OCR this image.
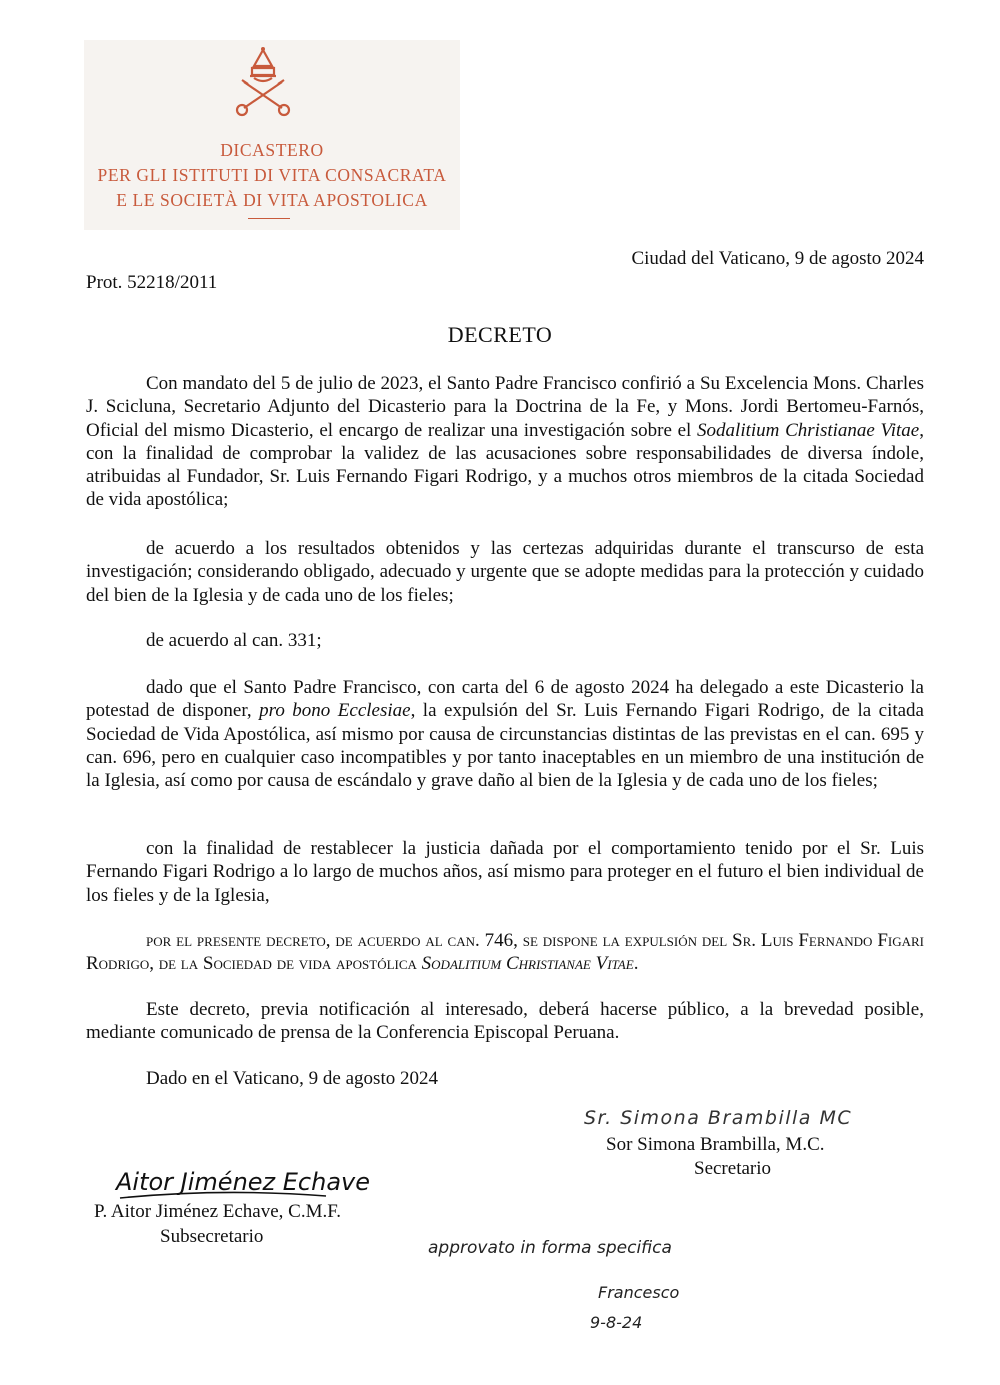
DICASTERO
PER GLI ISTITUTI DI VITA CONSACRATA
E LE SOCIETÀ DI VITA APOSTOLICA
Ciudad del Vaticano, 9 de agosto 2024
Prot. 52218/2011
DECRETO

Con mandato del 5 de julio de 2023, el Santo Padre Francisco confirió a Su Excelencia Mons. Charles J. Scicluna, Secretario Adjunto del Dicasterio para la Doctrina de la Fe, y Mons. Jordi Bertomeu-Farnós, Oficial del mismo Dicasterio, el encargo de realizar una investigación sobre el Sodalitium Christianae Vitae, con la finalidad de comprobar la validez de las acusaciones sobre responsabilidades de diversa índole, atribuidas al Fundador, Sr. Luis Fernando Figari Rodrigo, y a muchos otros miembros de la citada Sociedad de vida apostólica;

de acuerdo a los resultados obtenidos y las certezas adquiridas durante el transcurso de esta investigación; considerando obligado, adecuado y urgente que se adopte medidas para la protección y cuidado del bien de la Iglesia y de cada uno de los fieles;

de acuerdo al can. 331;

dado que el Santo Padre Francisco, con carta del 6 de agosto 2024 ha delegado a este Dicasterio la potestad de disponer, pro bono Ecclesiae, la expulsión del Sr. Luis Fernando Figari Rodrigo, de la citada Sociedad de Vida Apostólica, así mismo por causa de circunstancias distintas de las previstas en el can. 695 y can. 696, pero en cualquier caso incompatibles y por tanto inaceptables en un miembro de una institución de la Iglesia, así como por causa de escándalo y grave daño al bien de la Iglesia y de cada uno de los fieles;

con la finalidad de restablecer la justicia dañada por el comportamiento tenido por el Sr. Luis Fernando Figari Rodrigo a lo largo de muchos años, así mismo para proteger en el futuro el bien individual de los fieles y de la Iglesia,

por el presente decreto, de acuerdo al can. 746, se dispone la expulsión del Sr. Luis Fernando Figari Rodrigo, de la Sociedad de vida apostólica Sodalitium Christianae Vitae.

Este decreto, previa notificación al interesado, deberá hacerse público, a la brevedad posible, mediante comunicado de prensa de la Conferencia Episcopal Peruana.

Dado en el Vaticano, 9 de agosto 2024

Sr. Simona Brambilla MC
Sor Simona Brambilla, M.C.
Secretario
Aitor Jiménez Echave
P. Aitor Jiménez Echave, C.M.F.
Subsecretario
approvato in forma specifica
Francesco
9-8-24
